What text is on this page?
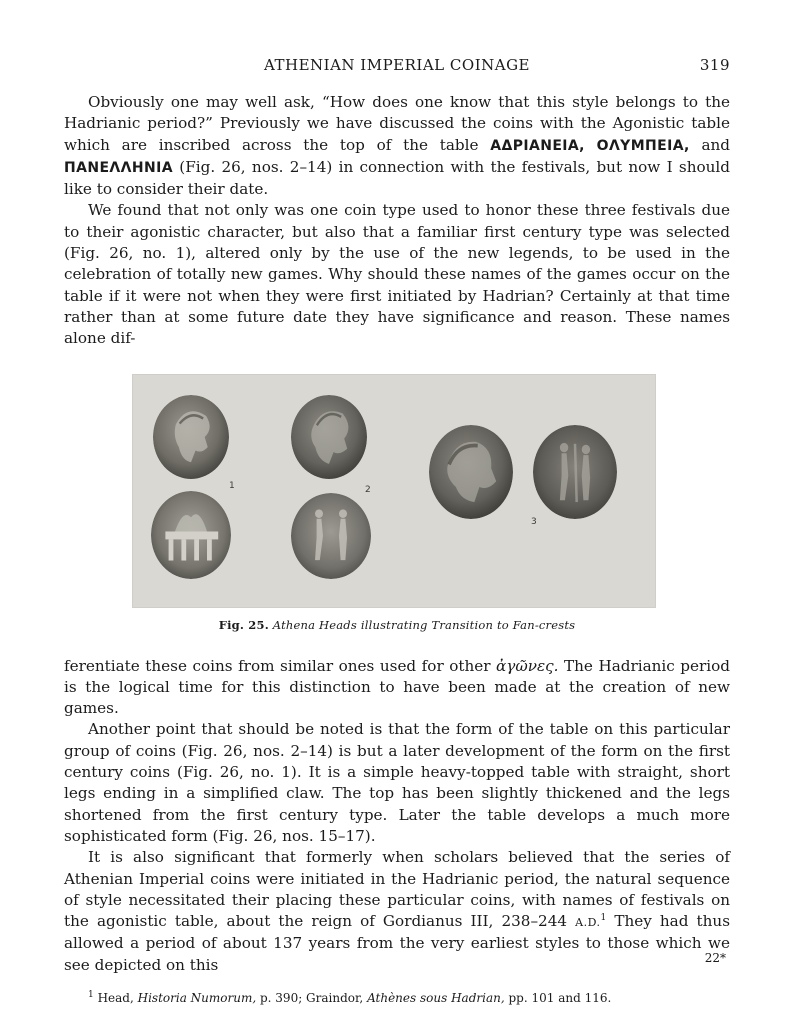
ATHENIAN IMPERIAL COINAGE	319

Obviously one may well ask, “How does one know that this style belongs to the Hadrianic period?” Previously we have discussed the coins with the Agonistic table which are inscribed across the top of the table ΑΔΡΙΑΝΕΙΑ, ΟΛΥΜΠΕΙΑ, and ΠΑΝΕΛΛΗΝΙΑ (Fig. 26, nos. 2–14) in connection with the festivals, but now I should like to consider their date.

We found that not only was one coin type used to honor these three festivals due to their agonistic character, but also that a familiar first century type was selected (Fig. 26, no. 1), altered only by the use of the new legends, to be used in the celebration of totally new games. Why should these names of the games occur on the table if it were not when they were first initiated by Hadrian? Certainly at that time rather than at some future date they have significance and reason. These names alone dif-

1	2
3

Fig. 25. Athena Heads illustrating Transition to Fan-crests

ferentiate these coins from similar ones used for other ἀγῶνες. The Hadrianic period is the logical time for this distinction to have been made at the creation of new games.

Another point that should be noted is that the form of the table on this particular group of coins (Fig. 26, nos. 2–14) is but a later development of the form on the first century coins (Fig. 26, no. 1). It is a simple heavy-topped table with straight, short legs ending in a simplified claw. The top has been slightly thickened and the legs shortened from the first century type. Later the table develops a much more sophisticated form (Fig. 26, nos. 15–17).

It is also significant that formerly when scholars believed that the series of Athenian Imperial coins were initiated in the Hadrianic period, the natural sequence of style necessitated their placing these particular coins, with names of festivals on the agonistic table, about the reign of Gordianus III, 238–244 A.D.$^1$ They had thus allowed a period of about 137 years from the very earliest styles to those which we see depicted on this

$^1$ Head, Historia Numorum, p. 390; Graindor, Athènes sous Hadrian, pp. 101 and 116.

22*
